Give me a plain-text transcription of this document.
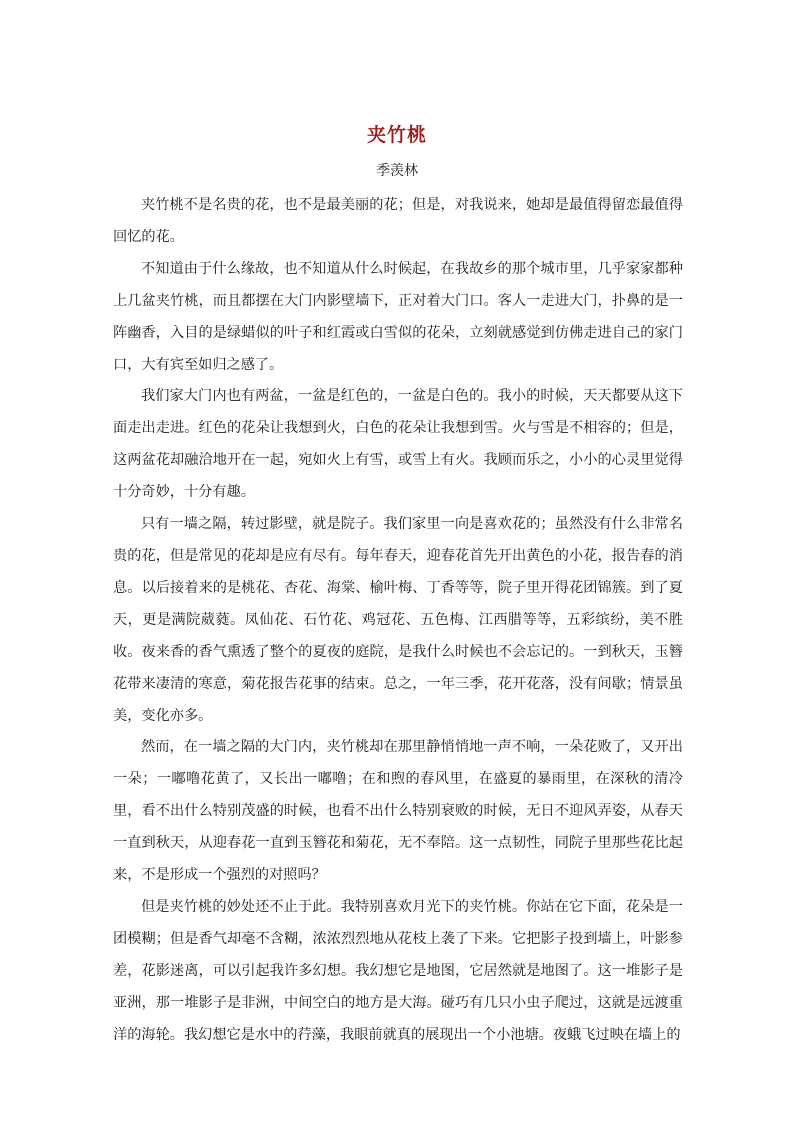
夹竹桃
季羡林

夹竹桃不是名贵的花，也不是最美丽的花；但是，对我说来，她却是最值得留恋最值得回忆的花。

不知道由于什么缘故，也不知道从什么时候起，在我故乡的那个城市里，几乎家家都种上几盆夹竹桃，而且都摆在大门内影壁墙下，正对着大门口。客人一走进大门，扑鼻的是一阵幽香，入目的是绿蜡似的叶子和红霞或白雪似的花朵，立刻就感觉到仿佛走进自己的家门口，大有宾至如归之感了。

我们家大门内也有两盆，一盆是红色的，一盆是白色的。我小的时候，天天都要从这下面走出走进。红色的花朵让我想到火，白色的花朵让我想到雪。火与雪是不相容的；但是，这两盆花却融洽地开在一起，宛如火上有雪，或雪上有火。我顾而乐之，小小的心灵里觉得十分奇妙，十分有趣。

只有一墙之隔，转过影壁，就是院子。我们家里一向是喜欢花的；虽然没有什么非常名贵的花，但是常见的花却是应有尽有。每年春天，迎春花首先开出黄色的小花，报告春的消息。以后接着来的是桃花、杏花、海棠、榆叶梅、丁香等等，院子里开得花团锦簇。到了夏天，更是满院葳蕤。凤仙花、石竹花、鸡冠花、五色梅、江西腊等等，五彩缤纷，美不胜收。夜来香的香气熏透了整个的夏夜的庭院，是我什么时候也不会忘记的。一到秋天，玉簪花带来凄清的寒意，菊花报告花事的结束。总之，一年三季，花开花落，没有间歇；情景虽美，变化亦多。

然而，在一墙之隔的大门内，夹竹桃却在那里静悄悄地一声不响，一朵花败了，又开出一朵；一嘟噜花黄了，又长出一嘟噜；在和煦的春风里，在盛夏的暴雨里，在深秋的清冷里，看不出什么特别茂盛的时候，也看不出什么特别衰败的时候，无日不迎风弄姿，从春天一直到秋天，从迎春花一直到玉簪花和菊花，无不奉陪。这一点韧性，同院子里那些花比起来，不是形成一个强烈的对照吗？

但是夹竹桃的妙处还不止于此。我特别喜欢月光下的夹竹桃。你站在它下面，花朵是一团模糊；但是香气却毫不含糊，浓浓烈烈地从花枝上袭了下来。它把影子投到墙上，叶影参差，花影迷离，可以引起我许多幻想。我幻想它是地图，它居然就是地图了。这一堆影子是亚洲，那一堆影子是非洲，中间空白的地方是大海。碰巧有几只小虫子爬过，这就是远渡重洋的海轮。我幻想它是水中的荇藻，我眼前就真的展现出一个小池塘。夜蛾飞过映在墙上的
